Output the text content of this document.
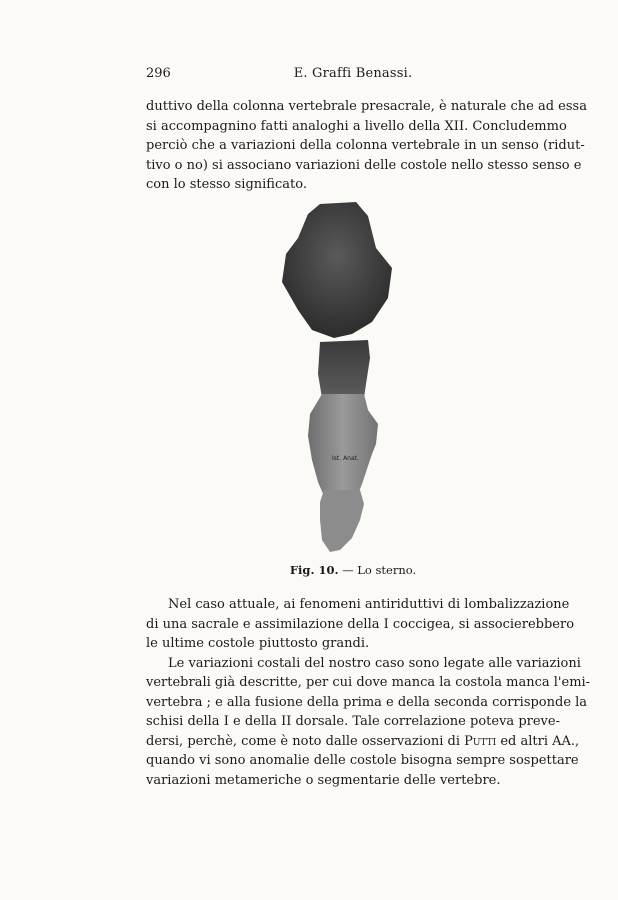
296	E. Graffi Benassi.

duttivo della colonna vertebrale presacrale, è naturale che ad essa
si accompagnino fatti analoghi a livello della XII. Concludemmo
perciò che a variazioni della colonna vertebrale in un senso (ridut-
tivo o no) si associano variazioni delle costole nello stesso senso e
con lo stesso significato.

Ist. Anat.
Fig. 10. — Lo sterno.

Nel caso attuale, ai fenomeni antiriduttivi di lombalizzazione
di una sacrale e assimilazione della I coccigea, si associerebbero
le ultime costole piuttosto grandi.
Le variazioni costali del nostro caso sono legate alle variazioni
vertebrali già descritte, per cui dove manca la costola manca l'emi-
vertebra ; e alla fusione della prima e della seconda corrisponde la
schisi della I e della II dorsale. Tale correlazione poteva preve-
dersi, perchè, come è noto dalle osservazioni di Putti ed altri AA.,
quando vi sono anomalie delle costole bisogna sempre sospettare
variazioni metameriche o segmentarie delle vertebre.
